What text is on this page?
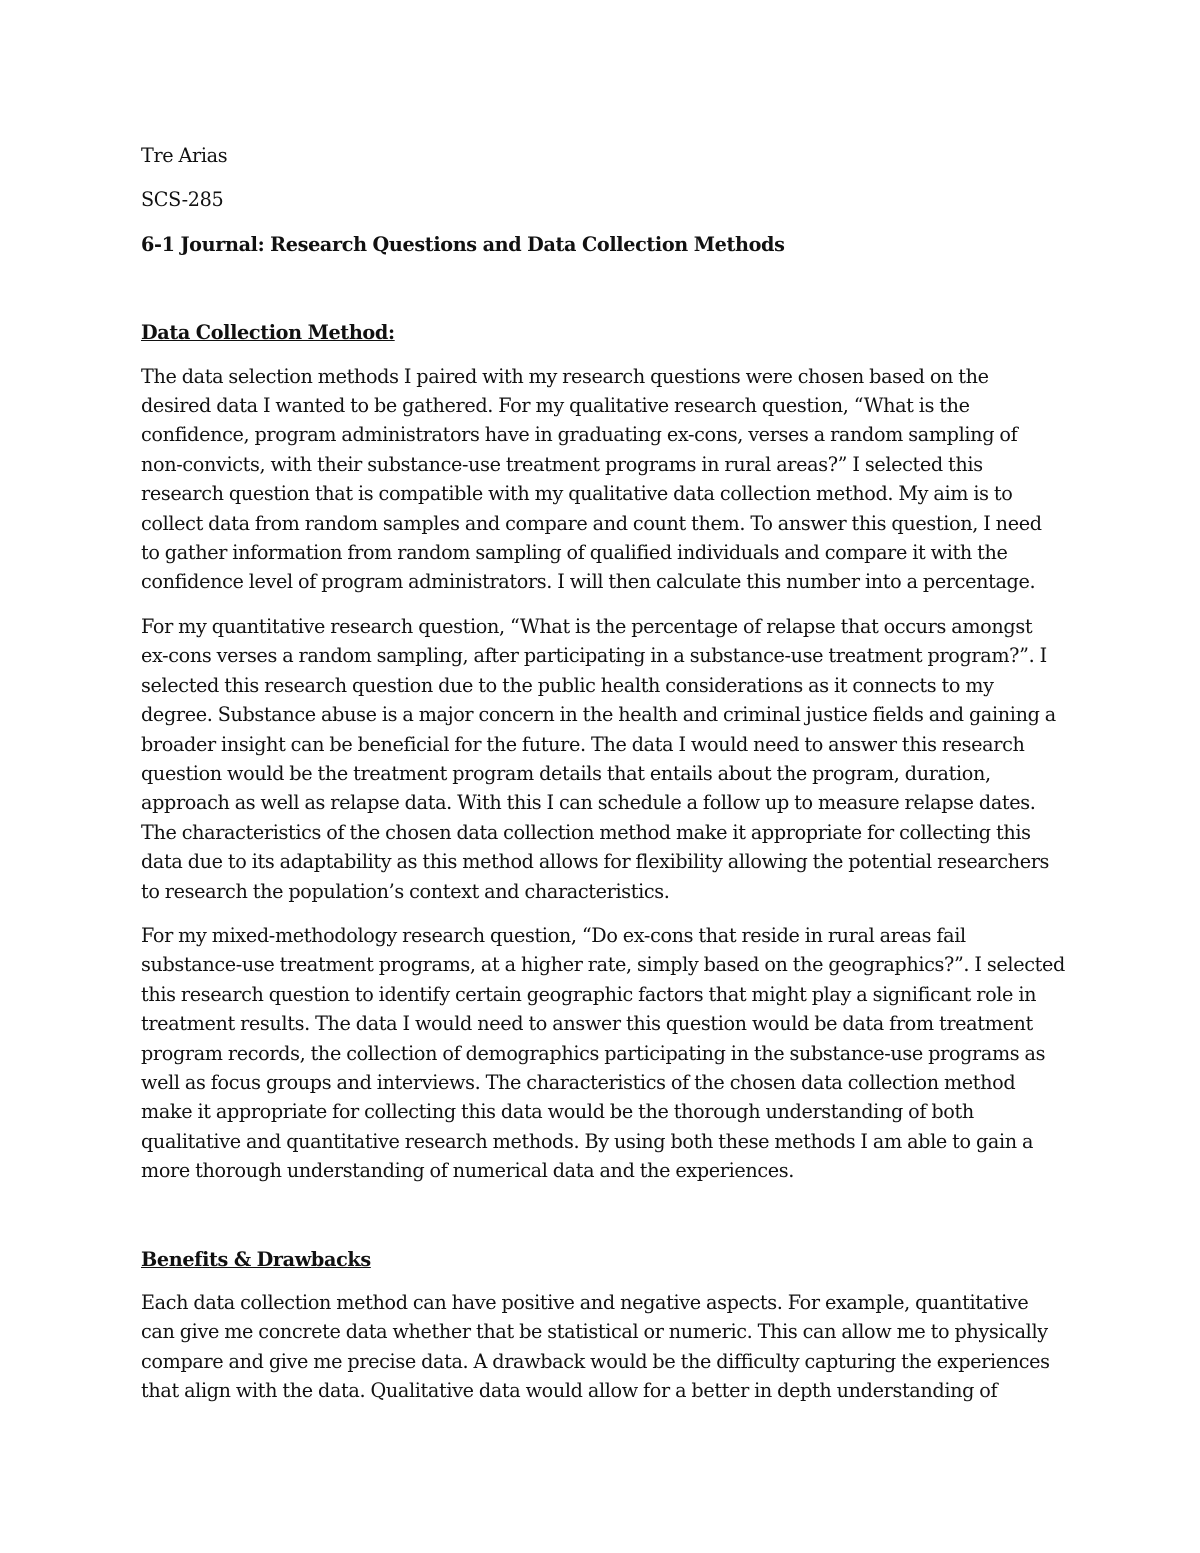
Tre Arias
SCS-285
6-1 Journal: Research Questions and Data Collection Methods
Data Collection Method:
The data selection methods I paired with my research questions were chosen based on the
desired data I wanted to be gathered. For my qualitative research question, “What is the
confidence, program administrators have in graduating ex-cons, verses a random sampling of
non-convicts, with their substance-use treatment programs in rural areas?” I selected this
research question that is compatible with my qualitative data collection method. My aim is to
collect data from random samples and compare and count them. To answer this question, I need
to gather information from random sampling of qualified individuals and compare it with the
confidence level of program administrators. I will then calculate this number into a percentage.
For my quantitative research question, “What is the percentage of relapse that occurs amongst
ex-cons verses a random sampling, after participating in a substance-use treatment program?”. I
selected this research question due to the public health considerations as it connects to my
degree. Substance abuse is a major concern in the health and criminal justice fields and gaining a
broader insight can be beneficial for the future. The data I would need to answer this research
question would be the treatment program details that entails about the program, duration,
approach as well as relapse data. With this I can schedule a follow up to measure relapse dates.
The characteristics of the chosen data collection method make it appropriate for collecting this
data due to its adaptability as this method allows for flexibility allowing the potential researchers
to research the population’s context and characteristics.
For my mixed-methodology research question, “Do ex-cons that reside in rural areas fail
substance-use treatment programs, at a higher rate, simply based on the geographics?”. I selected
this research question to identify certain geographic factors that might play a significant role in
treatment results. The data I would need to answer this question would be data from treatment
program records, the collection of demographics participating in the substance-use programs as
well as focus groups and interviews. The characteristics of the chosen data collection method
make it appropriate for collecting this data would be the thorough understanding of both
qualitative and quantitative research methods. By using both these methods I am able to gain a
more thorough understanding of numerical data and the experiences.
Benefits & Drawbacks
Each data collection method can have positive and negative aspects. For example, quantitative
can give me concrete data whether that be statistical or numeric. This can allow me to physically
compare and give me precise data. A drawback would be the difficulty capturing the experiences
that align with the data. Qualitative data would allow for a better in depth understanding of
